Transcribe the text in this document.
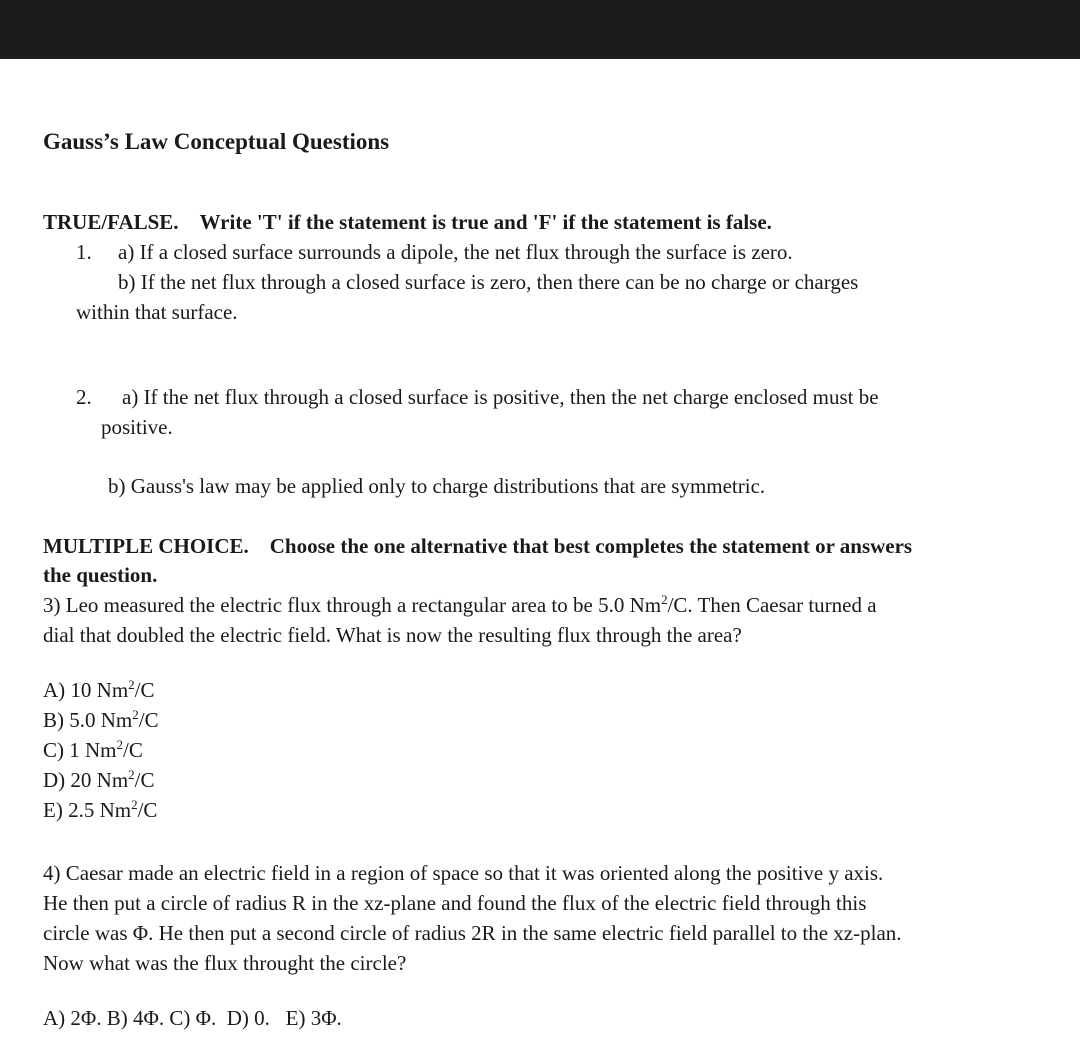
Gauss’s Law Conceptual Questions
TRUE/FALSE. Write 'T' if the statement is true and 'F' if the statement is false.
1. a) If a closed surface surrounds a dipole, the net flux through the surface is zero.
b) If the net flux through a closed surface is zero, then there can be no charge or charges
within that surface.
2. a) If the net flux through a closed surface is positive, then the net charge enclosed must be
positive.
b) Gauss's law may be applied only to charge distributions that are symmetric.
MULTIPLE CHOICE. Choose the one alternative that best completes the statement or answers
the question.
3) Leo measured the electric flux through a rectangular area to be 5.0 Nm$^2$/C. Then Caesar turned a
dial that doubled the electric field. What is now the resulting flux through the area?
A) 10 Nm$^2$/C
B) 5.0 Nm$^2$/C
C) 1 Nm$^2$/C
D) 20 Nm$^2$/C
E) 2.5 Nm$^2$/C
4) Caesar made an electric field in a region of space so that it was oriented along the positive y axis.
He then put a circle of radius R in the xz-plane and found the flux of the electric field through this
circle was Φ. He then put a second circle of radius 2R in the same electric field parallel to the xz-plan.
Now what was the flux throught the circle?
A) 2Φ. B) 4Φ. C) Φ.  D) 0.   E) 3Φ.
